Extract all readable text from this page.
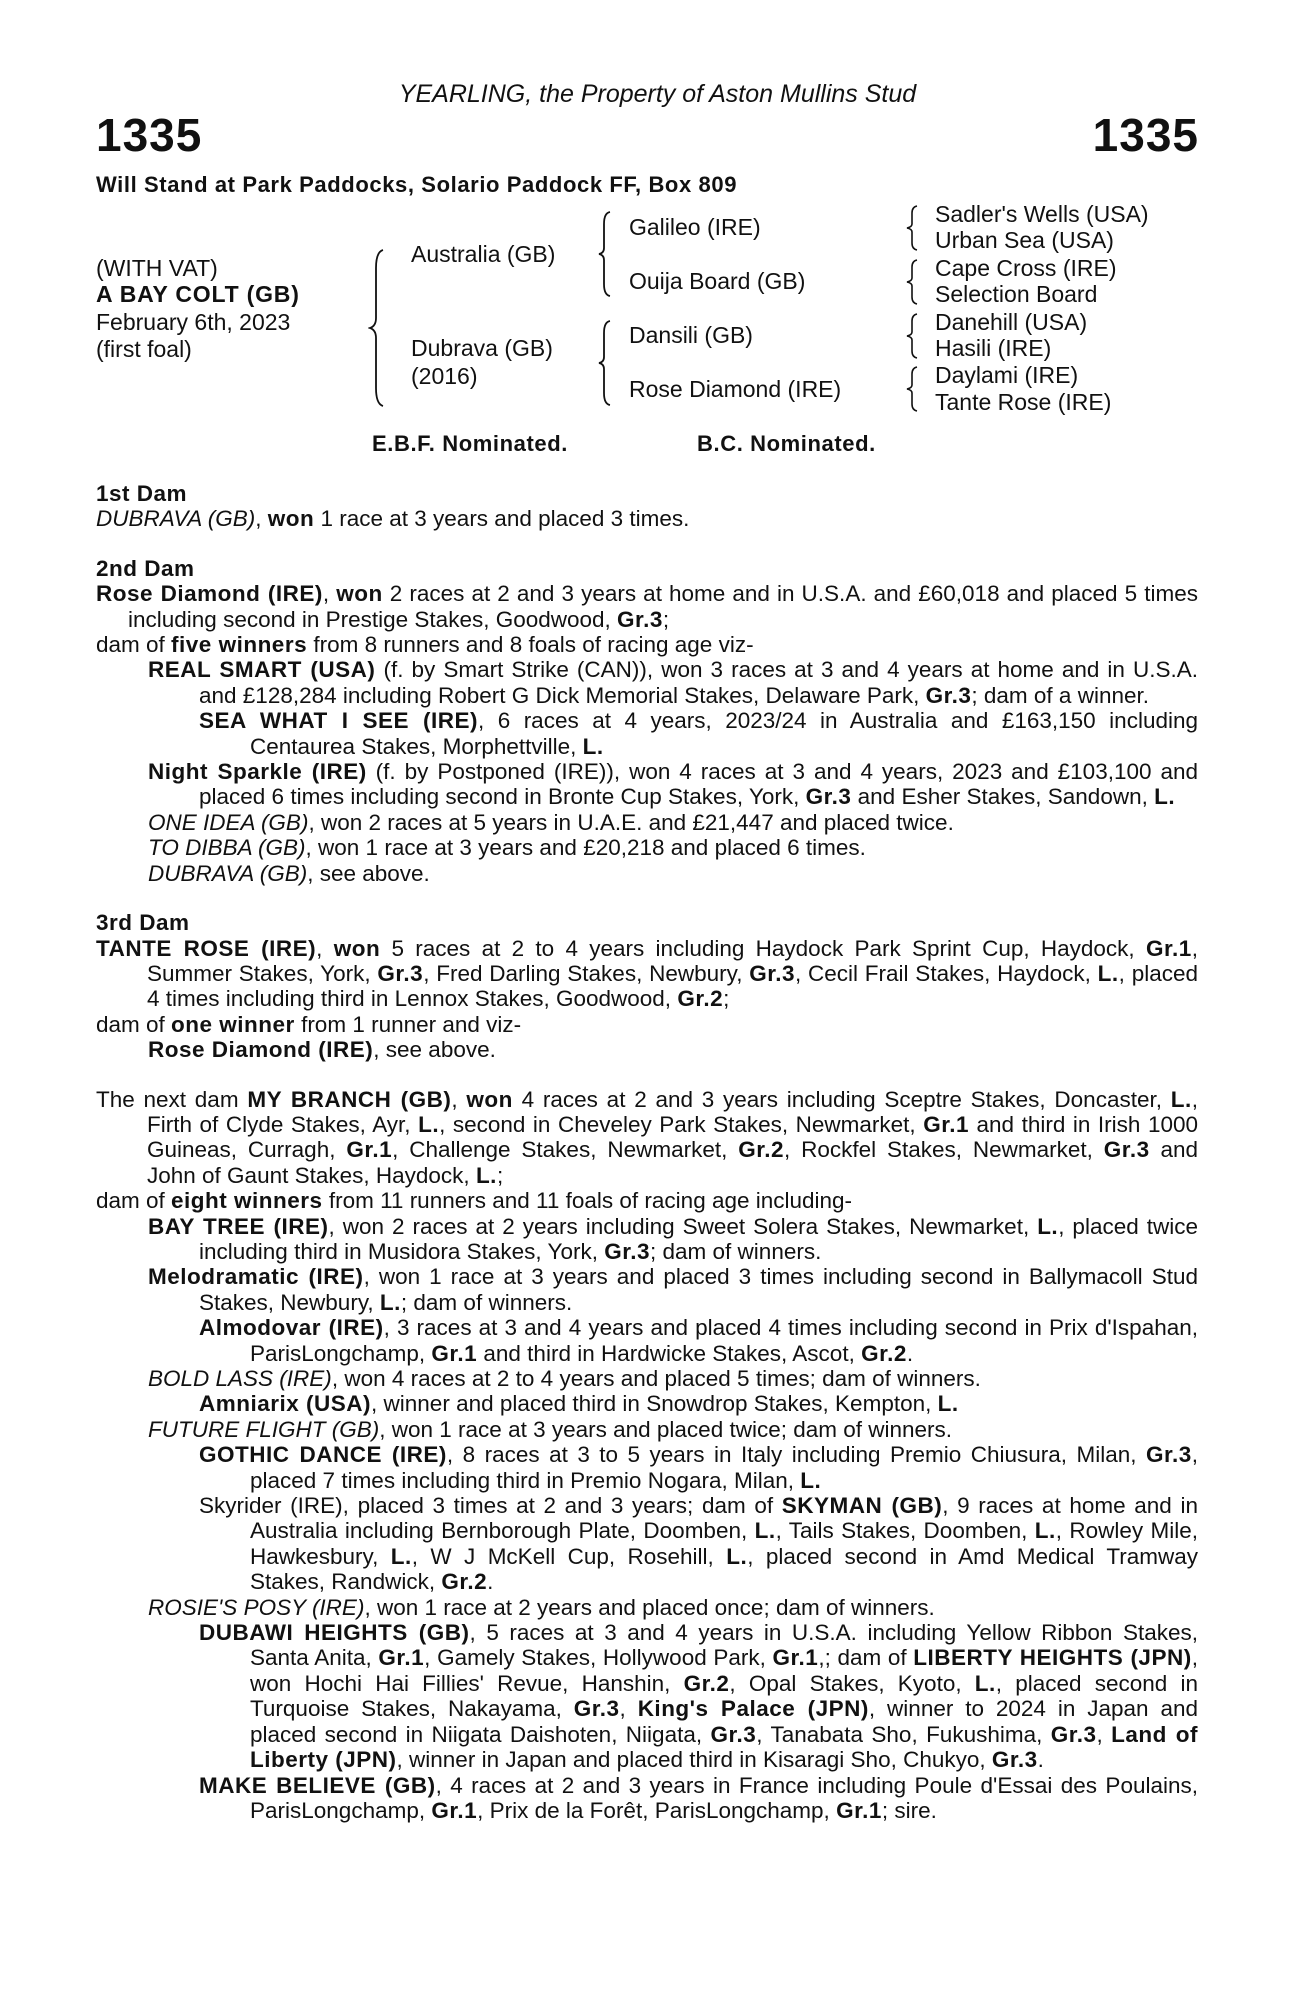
YEARLING, the Property of Aston Mullins Stud
1335	1335
Will Stand at Park Paddocks, Solario Paddock FF, Box 809
(WITH VAT)
A BAY COLT (GB)
February 6th, 2023
(first foal)
Australia (GB)
Dubrava (GB)
(2016)
Galileo (IRE)
Ouija Board (GB)
Dansili (GB)
Rose Diamond (IRE)
Sadler's Wells (USA)
Urban Sea (USA)
Cape Cross (IRE)
Selection Board
Danehill (USA)
Hasili (IRE)
Daylami (IRE)
Tante Rose (IRE)
E.B.F. Nominated.	B.C. Nominated.
1st Dam
DUBRAVA (GB), won 1 race at 3 years and placed 3 times.
2nd Dam
Rose Diamond (IRE), won 2 races at 2 and 3 years at home and in U.S.A. and £60,018 and placed 5 times including second in Prestige Stakes, Goodwood, Gr.3;
dam of five winners from 8 runners and 8 foals of racing age viz-
REAL SMART (USA) (f. by Smart Strike (CAN)), won 3 races at 3 and 4 years at home and in U.S.A. and £128,284 including Robert G Dick Memorial Stakes, Delaware Park, Gr.3; dam of a winner.
SEA WHAT I SEE (IRE), 6 races at 4 years, 2023/24 in Australia and £163,150 including Centaurea Stakes, Morphettville, L.
Night Sparkle (IRE) (f. by Postponed (IRE)), won 4 races at 3 and 4 years, 2023 and £103,100 and placed 6 times including second in Bronte Cup Stakes, York, Gr.3 and Esher Stakes, Sandown, L.
ONE IDEA (GB), won 2 races at 5 years in U.A.E. and £21,447 and placed twice.
TO DIBBA (GB), won 1 race at 3 years and £20,218 and placed 6 times.
DUBRAVA (GB), see above.
3rd Dam
TANTE ROSE (IRE), won 5 races at 2 to 4 years including Haydock Park Sprint Cup, Haydock, Gr.1, Summer Stakes, York, Gr.3, Fred Darling Stakes, Newbury, Gr.3, Cecil Frail Stakes, Haydock, L., placed 4 times including third in Lennox Stakes, Goodwood, Gr.2;
dam of one winner from 1 runner and viz-
Rose Diamond (IRE), see above.
The next dam MY BRANCH (GB), won 4 races at 2 and 3 years including Sceptre Stakes, Doncaster, L., Firth of Clyde Stakes, Ayr, L., second in Cheveley Park Stakes, Newmarket, Gr.1 and third in Irish 1000 Guineas, Curragh, Gr.1, Challenge Stakes, Newmarket, Gr.2, Rockfel Stakes, Newmarket, Gr.3 and John of Gaunt Stakes, Haydock, L.;
dam of eight winners from 11 runners and 11 foals of racing age including-
BAY TREE (IRE), won 2 races at 2 years including Sweet Solera Stakes, Newmarket, L., placed twice including third in Musidora Stakes, York, Gr.3; dam of winners.
Melodramatic (IRE), won 1 race at 3 years and placed 3 times including second in Ballymacoll Stud Stakes, Newbury, L.; dam of winners.
Almodovar (IRE), 3 races at 3 and 4 years and placed 4 times including second in Prix d'Ispahan, ParisLongchamp, Gr.1 and third in Hardwicke Stakes, Ascot, Gr.2.
BOLD LASS (IRE), won 4 races at 2 to 4 years and placed 5 times; dam of winners.
Amniarix (USA), winner and placed third in Snowdrop Stakes, Kempton, L.
FUTURE FLIGHT (GB), won 1 race at 3 years and placed twice; dam of winners.
GOTHIC DANCE (IRE), 8 races at 3 to 5 years in Italy including Premio Chiusura, Milan, Gr.3, placed 7 times including third in Premio Nogara, Milan, L.
Skyrider (IRE), placed 3 times at 2 and 3 years; dam of SKYMAN (GB), 9 races at home and in Australia including Bernborough Plate, Doomben, L., Tails Stakes, Doomben, L., Rowley Mile, Hawkesbury, L., W J McKell Cup, Rosehill, L., placed second in Amd Medical Tramway Stakes, Randwick, Gr.2.
ROSIE'S POSY (IRE), won 1 race at 2 years and placed once; dam of winners.
DUBAWI HEIGHTS (GB), 5 races at 3 and 4 years in U.S.A. including Yellow Ribbon Stakes, Santa Anita, Gr.1, Gamely Stakes, Hollywood Park, Gr.1,; dam of LIBERTY HEIGHTS (JPN), won Hochi Hai Fillies' Revue, Hanshin, Gr.2, Opal Stakes, Kyoto, L., placed second in Turquoise Stakes, Nakayama, Gr.3, King's Palace (JPN), winner to 2024 in Japan and placed second in Niigata Daishoten, Niigata, Gr.3, Tanabata Sho, Fukushima, Gr.3, Land of Liberty (JPN), winner in Japan and placed third in Kisaragi Sho, Chukyo, Gr.3.
MAKE BELIEVE (GB), 4 races at 2 and 3 years in France including Poule d'Essai des Poulains, ParisLongchamp, Gr.1, Prix de la Forêt, ParisLongchamp, Gr.1; sire.
